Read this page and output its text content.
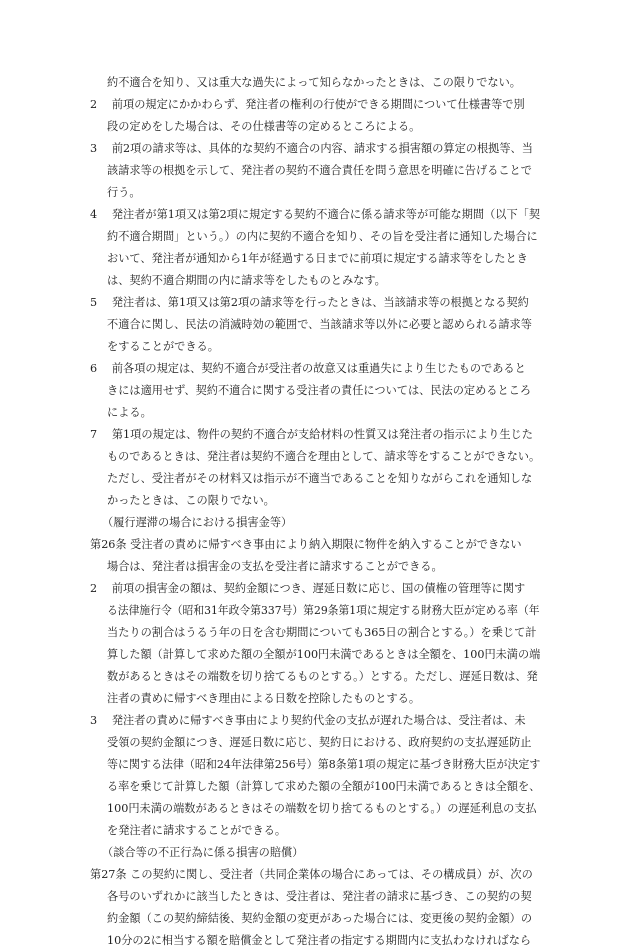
約不適合を知り、又は重大な過失によって知らなかったときは、この限りでない。

2　 前項の規定にかかわらず、発注者の権利の行使ができる期間について仕様書等で別

段の定めをした場合は、その仕様書等の定めるところによる。

3　 前2項の請求等は、具体的な契約不適合の内容、請求する損害額の算定の根拠等、当

該請求等の根拠を示して、発注者の契約不適合責任を問う意思を明確に告げることで

行う。

4　 発注者が第1項又は第2項に規定する契約不適合に係る請求等が可能な期間（以下「契

約不適合期間」という。）の内に契約不適合を知り、その旨を受注者に通知した場合に

おいて、発注者が通知から1年が経過する日までに前項に規定する請求等をしたとき

は、契約不適合期間の内に請求等をしたものとみなす。

5　 発注者は、第1項又は第2項の請求等を行ったときは、当該請求等の根拠となる契約

不適合に関し、民法の消滅時効の範囲で、当該請求等以外に必要と認められる請求等

をすることができる。

6　 前各項の規定は、契約不適合が受注者の故意又は重過失により生じたものであると

きには適用せず、契約不適合に関する受注者の責任については、民法の定めるところ

による。

7　 第1項の規定は、物件の契約不適合が支給材料の性質又は発注者の指示により生じた

ものであるときは、発注者は契約不適合を理由として、請求等をすることができない。

ただし、受注者がその材料又は指示が不適当であることを知りながらこれを通知しな

かったときは、この限りでない。

（履行遅滞の場合における損害金等）

第26条 受注者の責めに帰すべき事由により納入期限に物件を納入することができない

場合は、発注者は損害金の支払を受注者に請求することができる。

2　 前項の損害金の額は、契約金額につき、遅延日数に応じ、国の債権の管理等に関す

る法律施行令（昭和31年政令第337号）第29条第1項に規定する財務大臣が定める率（年

当たりの割合はうるう年の日を含む期間についても365日の割合とする。）を乗じて計

算した額（計算して求めた額の全額が100円未満であるときは全額を、100円未満の端

数があるときはその端数を切り捨てるものとする。）とする。ただし、遅延日数は、発

注者の責めに帰すべき理由による日数を控除したものとする。

3　 発注者の責めに帰すべき事由により契約代金の支払が遅れた場合は、受注者は、未

受領の契約金額につき、遅延日数に応じ、契約日における、政府契約の支払遅延防止

等に関する法律（昭和24年法律第256号）第8条第1項の規定に基づき財務大臣が決定す

る率を乗じて計算した額（計算して求めた額の全額が100円未満であるときは全額を、

100円未満の端数があるときはその端数を切り捨てるものとする。）の遅延利息の支払

を発注者に請求することができる。

（談合等の不正行為に係る損害の賠償）

第27条 この契約に関し、受注者（共同企業体の場合にあっては、その構成員）が、次の

各号のいずれかに該当したときは、受注者は、発注者の請求に基づき、この契約の契

約金額（この契約締結後、契約金額の変更があった場合には、変更後の契約金額）の

10分の2に相当する額を賠償金として発注者の指定する期間内に支払わなければなら
